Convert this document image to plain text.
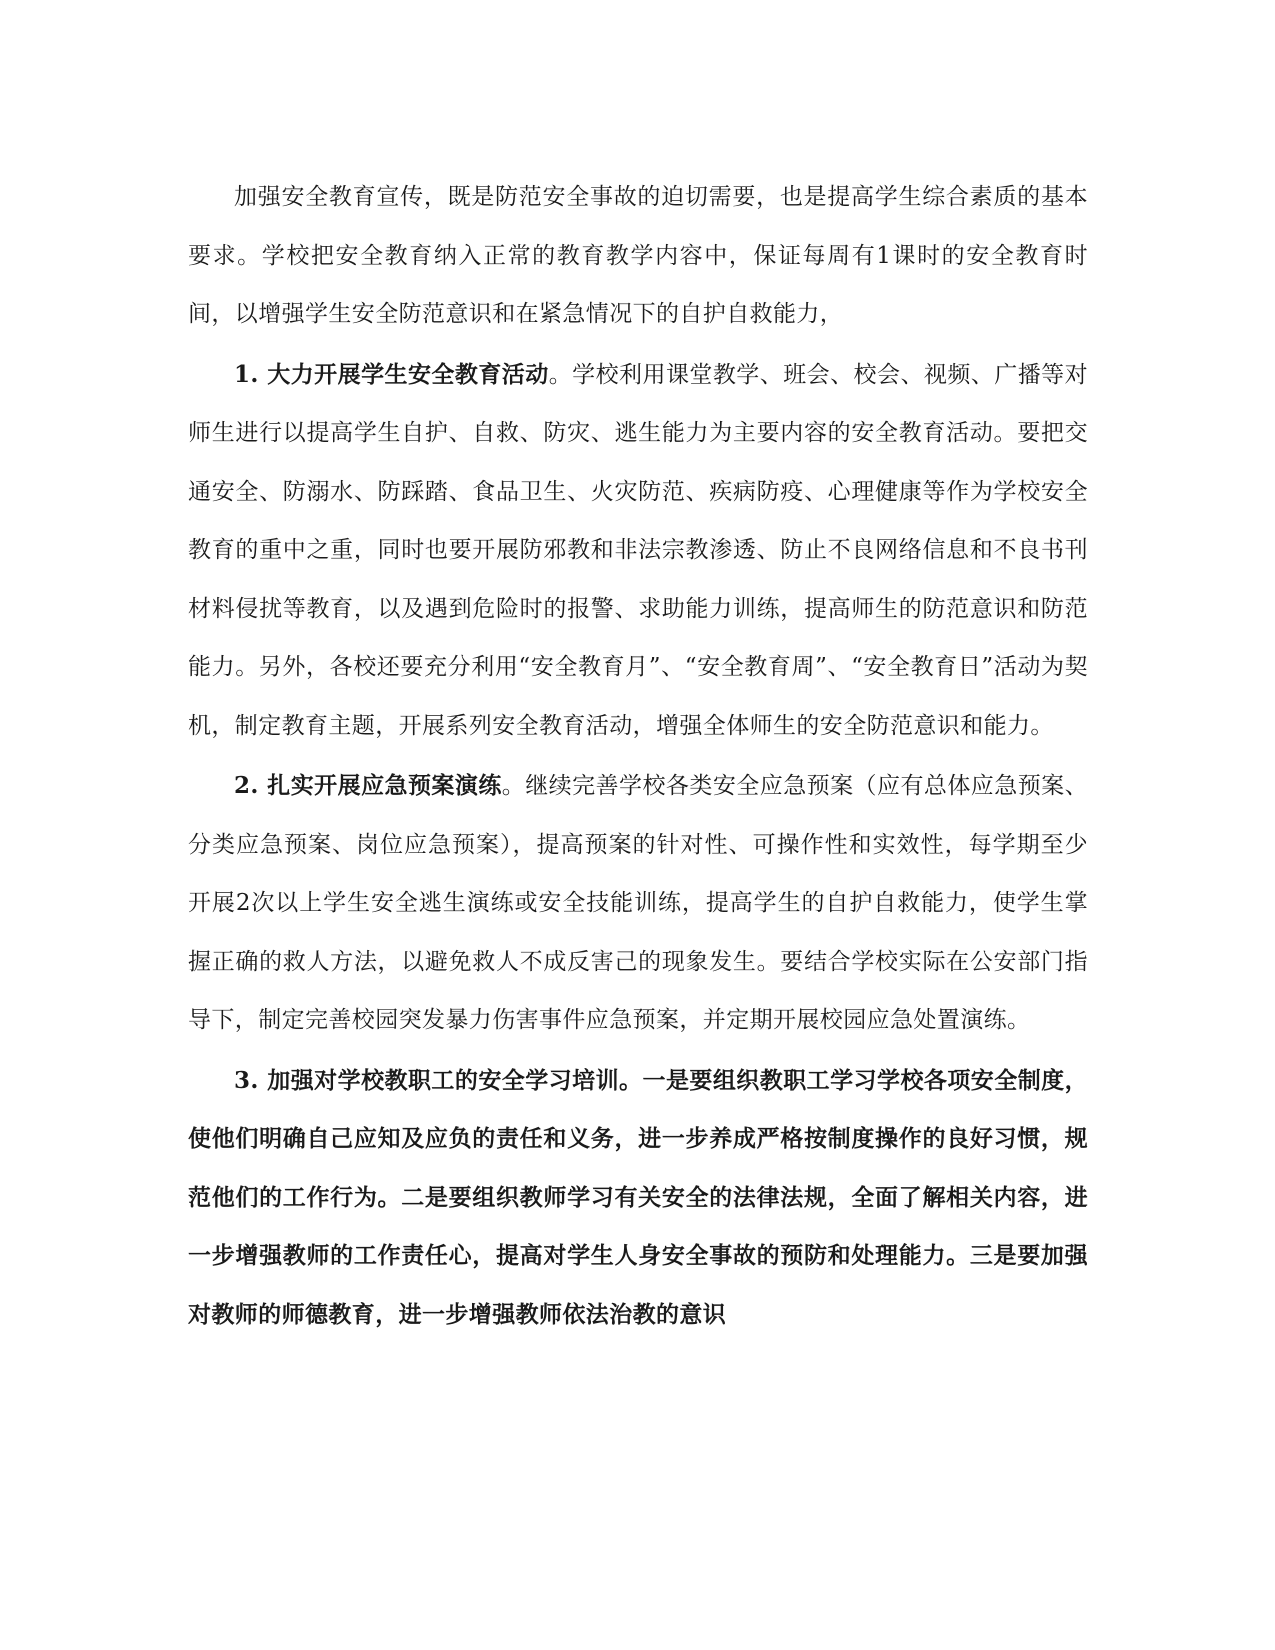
加强安全教育宣传，既是防范安全事故的迫切需要，也是提高学生综合素质的基本要求。学校把安全教育纳入正常的教育教学内容中，保证每周有1课时的安全教育时间，以增强学生安全防范意识和在紧急情况下的自护自救能力，

1. 大力开展学生安全教育活动。学校利用课堂教学、班会、校会、视频、广播等对师生进行以提高学生自护、自救、防灾、逃生能力为主要内容的安全教育活动。要把交通安全、防溺水、防踩踏、食品卫生、火灾防范、疾病防疫、心理健康等作为学校安全教育的重中之重，同时也要开展防邪教和非法宗教渗透、防止不良网络信息和不良书刊材料侵扰等教育，以及遇到危险时的报警、求助能力训练，提高师生的防范意识和防范能力。另外，各校还要充分利用“安全教育月”、“安全教育周”、“安全教育日”活动为契机，制定教育主题，开展系列安全教育活动，增强全体师生的安全防范意识和能力。

2. 扎实开展应急预案演练。继续完善学校各类安全应急预案（应有总体应急预案、分类应急预案、岗位应急预案），提高预案的针对性、可操作性和实效性，每学期至少开展2次以上学生安全逃生演练或安全技能训练，提高学生的自护自救能力，使学生掌握正确的救人方法，以避免救人不成反害己的现象发生。要结合学校实际在公安部门指导下，制定完善校园突发暴力伤害事件应急预案，并定期开展校园应急处置演练。

3. 加强对学校教职工的安全学习培训。一是要组织教职工学习学校各项安全制度，使他们明确自己应知及应负的责任和义务，进一步养成严格按制度操作的良好习惯，规范他们的工作行为。二是要组织教师学习有关安全的法律法规，全面了解相关内容，进一步增强教师的工作责任心，提高对学生人身安全事故的预防和处理能力。三是要加强对教师的师德教育，进一步增强教师依法治教的意识
